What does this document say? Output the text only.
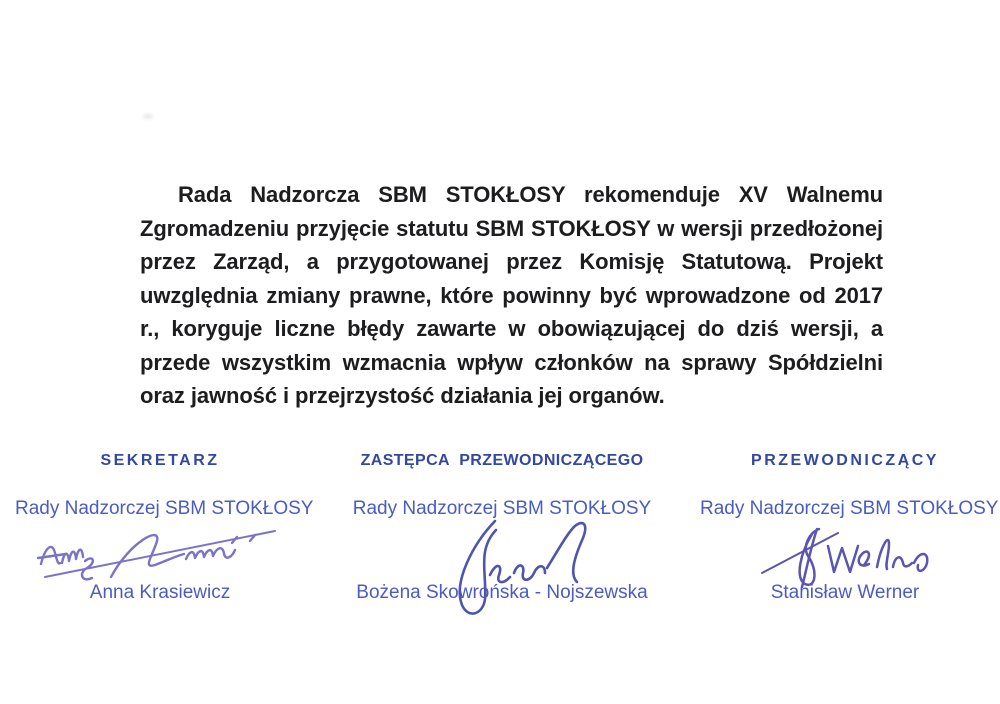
Rada Nadzorcza SBM STOKŁOSY rekomenduje XV Walnemu Zgromadzeniu przyjęcie statutu SBM STOKŁOSY w wersji przedłożonej przez Zarząd, a przygotowanej przez Komisję Statutową. Projekt uwzględnia zmiany prawne, które powinny być wprowadzone od 2017 r., koryguje liczne błędy zawarte w obowiązującej do dziś wersji, a przede wszystkim wzmacnia wpływ członków na sprawy Spółdzielni oraz jawność i przejrzystość działania jej organów.

SEKRETARZ
Rady Nadzorczej SBM STOKŁOSY
Anna Krasiewicz
ZASTĘPCA PRZEWODNICZĄCEGO
Rady Nadzorczej SBM STOKŁOSY
Bożena Skowrońska - Nojszewska
PRZEWODNICZĄCY
Rady Nadzorczej SBM STOKŁOSY
Stanisław Werner
